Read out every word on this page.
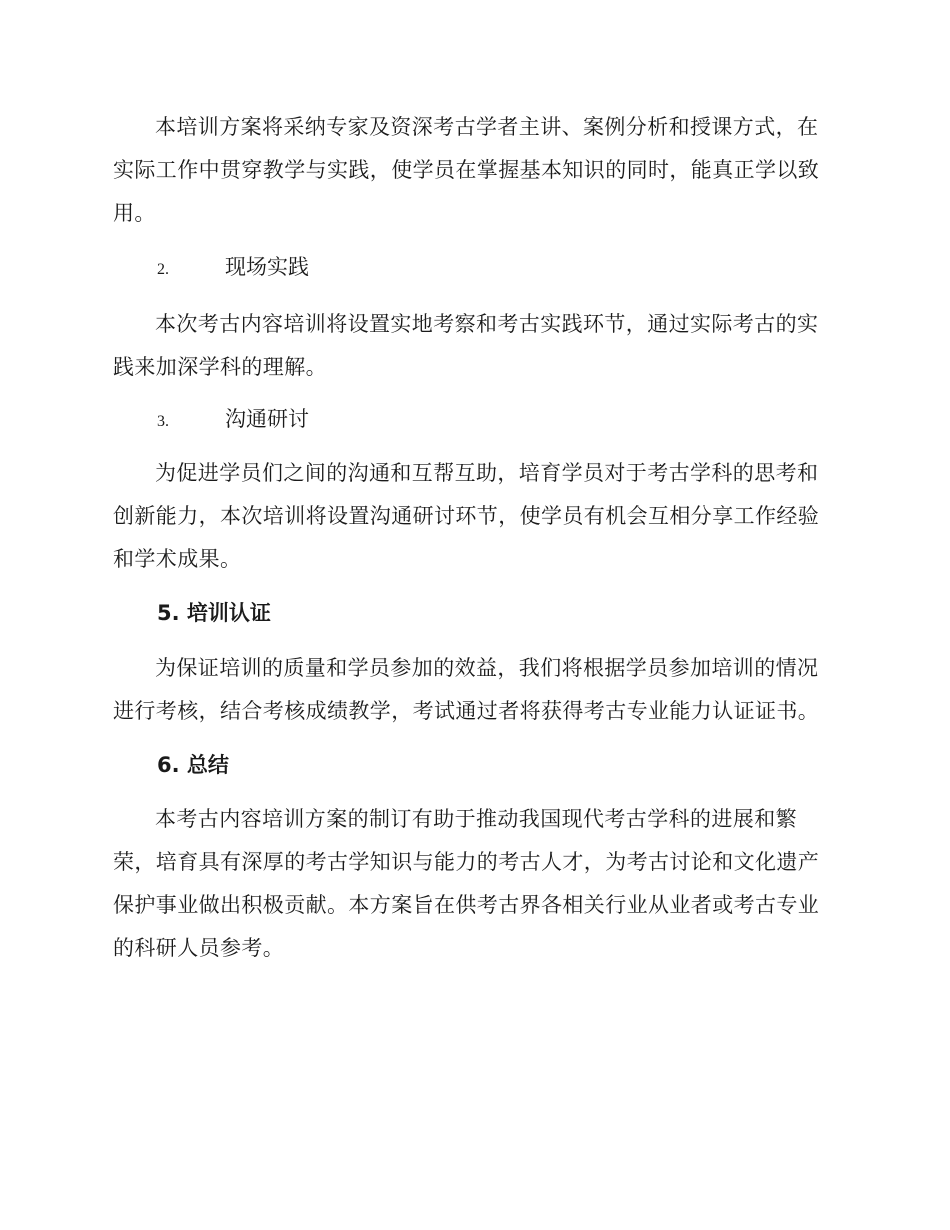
本培训方案将采纳专家及资深考古学者主讲、案例分析和授课方式，在实际工作中贯穿教学与实践，使学员在掌握基本知识的同时，能真正学以致用。

2.	现场实践

本次考古内容培训将设置实地考察和考古实践环节，通过实际考古的实践来加深学科的理解。

3.	沟通研讨

为促进学员们之间的沟通和互帮互助，培育学员对于考古学科的思考和创新能力，本次培训将设置沟通研讨环节，使学员有机会互相分享工作经验和学术成果。

5. 培训认证

为保证培训的质量和学员参加的效益，我们将根据学员参加培训的情况进行考核，结合考核成绩教学，考试通过者将获得考古专业能力认证证书。

6. 总结

本考古内容培训方案的制订有助于推动我国现代考古学科的进展和繁荣，培育具有深厚的考古学知识与能力的考古人才，为考古讨论和文化遗产保护事业做出积极贡献。本方案旨在供考古界各相关行业从业者或考古专业的科研人员参考。
